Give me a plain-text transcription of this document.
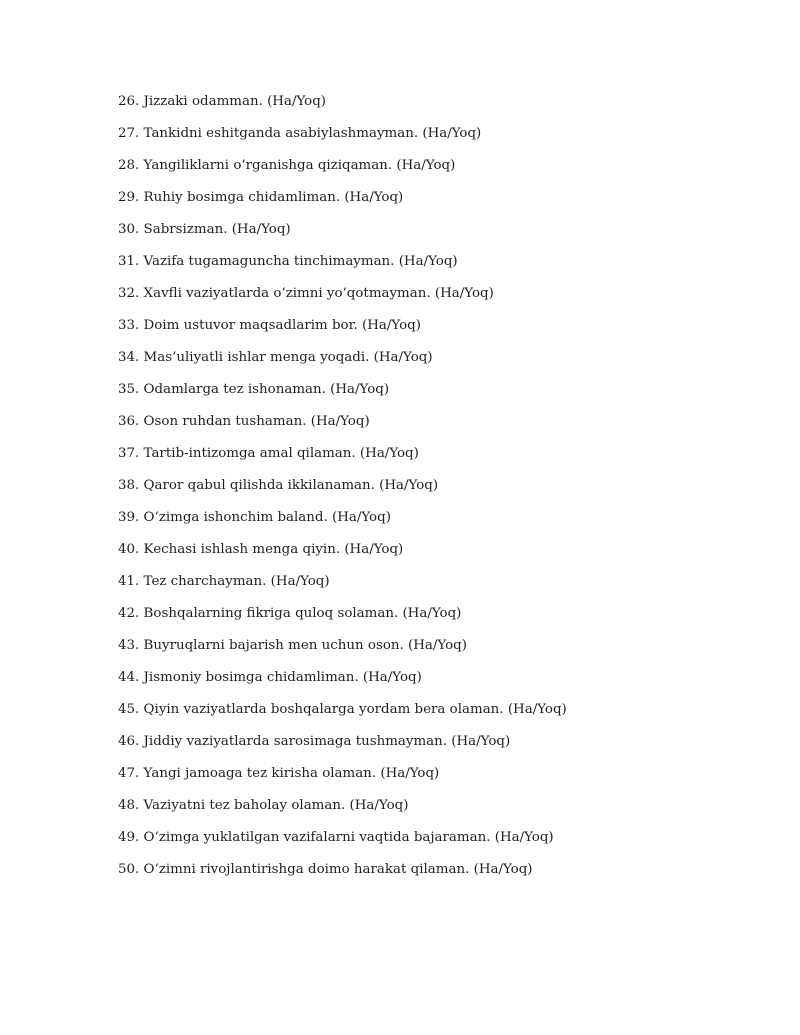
26. Jizzaki odamman. (Ha/Yoq)
27. Tankidni eshitganda asabiylashmayman. (Ha/Yoq)
28. Yangiliklarni o‘rganishga qiziqaman. (Ha/Yoq)
29. Ruhiy bosimga chidamliman. (Ha/Yoq)
30. Sabrsizman. (Ha/Yoq)
31. Vazifa tugamaguncha tinchimayman. (Ha/Yoq)
32. Xavfli vaziyatlarda o‘zimni yo‘qotmayman. (Ha/Yoq)
33. Doim ustuvor maqsadlarim bor. (Ha/Yoq)
34. Mas’uliyatli ishlar menga yoqadi. (Ha/Yoq)
35. Odamlarga tez ishonaman. (Ha/Yoq)
36. Oson ruhdan tushaman. (Ha/Yoq)
37. Tartib-intizomga amal qilaman. (Ha/Yoq)
38. Qaror qabul qilishda ikkilanaman. (Ha/Yoq)
39. O‘zimga ishonchim baland. (Ha/Yoq)
40. Kechasi ishlash menga qiyin. (Ha/Yoq)
41. Tez charchayman. (Ha/Yoq)
42. Boshqalarning fikriga quloq solaman. (Ha/Yoq)
43. Buyruqlarni bajarish men uchun oson. (Ha/Yoq)
44. Jismoniy bosimga chidamliman. (Ha/Yoq)
45. Qiyin vaziyatlarda boshqalarga yordam bera olaman. (Ha/Yoq)
46. Jiddiy vaziyatlarda sarosimaga tushmayman. (Ha/Yoq)
47. Yangi jamoaga tez kirisha olaman. (Ha/Yoq)
48. Vaziyatni tez baholay olaman. (Ha/Yoq)
49. O‘zimga yuklatilgan vazifalarni vaqtida bajaraman. (Ha/Yoq)
50. O‘zimni rivojlantirishga doimo harakat qilaman. (Ha/Yoq)
